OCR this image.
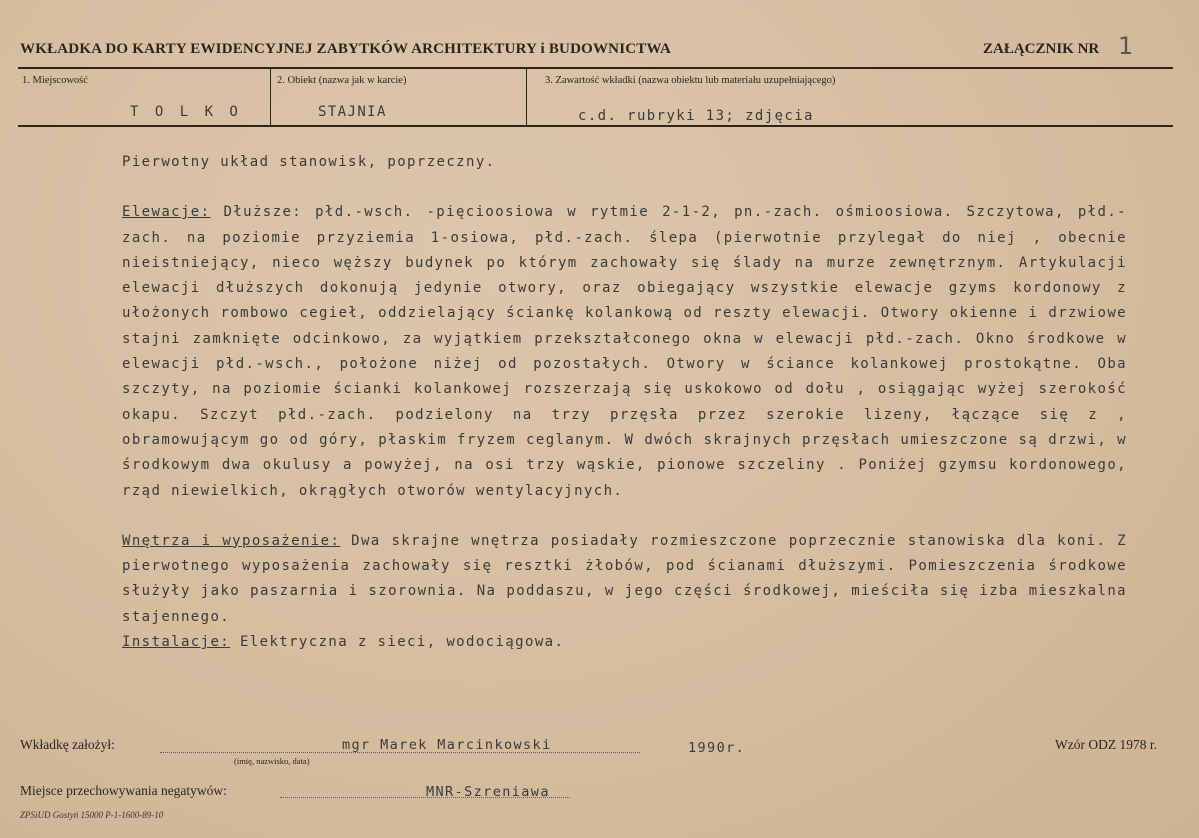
WKŁADKA DO KARTY EWIDENCYJNEJ ZABYTKÓW ARCHITEKTURY i BUDOWNICTWA	ZAŁĄCZNIK NR 1
1. Miejscowość
T O L K O
2. Obiekt (nazwa jak w karcie)
STAJNIA
3. Zawartość wkładki (nazwa obiektu lub materiału uzupełniającego)
c.d. rubryki 13; zdjęcia

Pierwotny układ stanowisk, poprzeczny.

Elewacje: Dłuższe: płd.-wsch. -pięcioosiowa w rytmie 2-1-2, pn.-zach. ośmioosiowa. Szczytowa, płd.-zach. na poziomie przyziemia 1-osiowa, płd.-zach. ślepa (pierwotnie przylegał do niej , obecnie nieistniejący, nieco węższy budynek po którym zachowały się ślady na murze zewnętrznym. Artykulacji elewacji dłuższych dokonują jedynie otwory, oraz obiegający wszystkie elewacje gzyms kordonowy z ułożonych rombowo cegieł, oddzielający ściankę kolankową od reszty elewacji. Otwory okienne i drzwiowe stajni zamknięte odcinkowo, za wyjątkiem przekształconego okna w elewacji płd.-zach. Okno środkowe w elewacji płd.-wsch., położone niżej od pozostałych. Otwory w ściance kolankowej prostokątne. Oba szczyty, na poziomie ścianki kolankowej rozszerzają się uskokowo od dołu , osiągając wyżej szerokość okapu. Szczyt płd.-zach. podzielony na trzy przęsła przez szerokie lizeny, łączące się z , obramowującym go od góry, płaskim fryzem ceglanym. W dwóch skrajnych przęsłach umieszczone są drzwi, w środkowym dwa okulusy a powyżej, na osi trzy wąskie, pionowe szczeliny . Poniżej gzymsu kordonowego, rząd niewielkich, okrągłych otworów wentylacyjnych.

Wnętrza i wyposażenie: Dwa skrajne wnętrza posiadały rozmieszczone poprzecznie stanowiska dla koni. Z pierwotnego wyposażenia zachowały się resztki żłobów, pod ścianami dłuższymi. Pomieszczenia środkowe służyły jako paszarnia i szorownia. Na poddaszu, w jego części środkowej, mieściła się izba mieszkalna stajennego.

Instalacje: Elektryczna z sieci, wodociągowa.

Wkładkę założył:	mgr Marek Marcinkowski	1990r.
(imię, nazwisko, data)
Wzór ODZ 1978 r.
Miejsce przechowywania negatywów:	MNR-Szreniawa
ZPSiUD Gostyń 15000 P-1-1600-89-10
